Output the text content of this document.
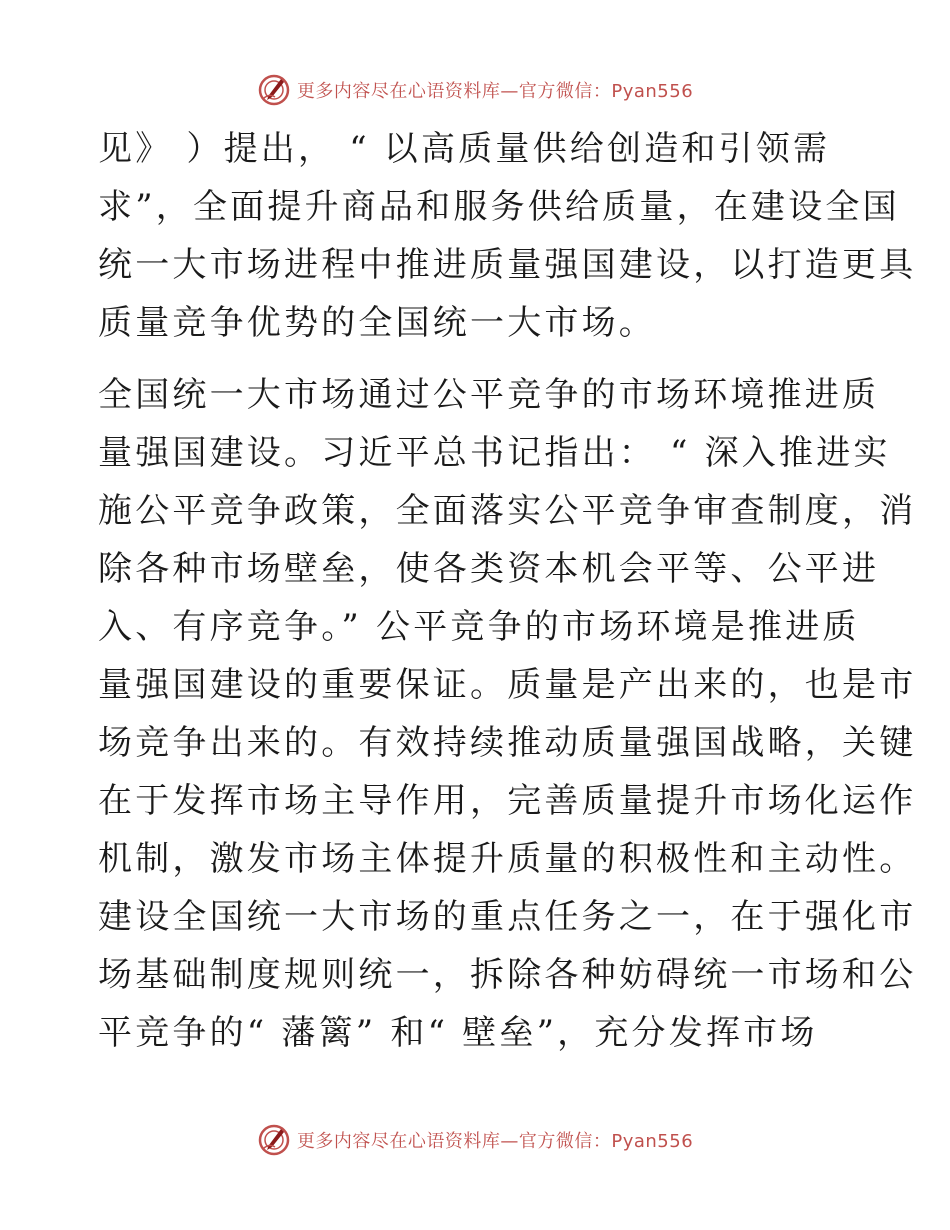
更多内容尽在心语资料库—官方微信：Pyan556
见》 ）提出， “ 以高质量供给创造和引领需
求”，全面提升商品和服务供给质量，在建设全国
统一大市场进程中推进质量强国建设，以打造更具
质量竞争优势的全国统一大市场。
全国统一大市场通过公平竞争的市场环境推进质
量强国建设。习近平总书记指出： “ 深入推进实
施公平竞争政策，全面落实公平竞争审查制度，消
除各种市场壁垒，使各类资本机会平等、公平进
入、有序竞争。” 公平竞争的市场环境是推进质
量强国建设的重要保证。质量是产出来的，也是市
场竞争出来的。有效持续推动质量强国战略，关键
在于发挥市场主导作用，完善质量提升市场化运作
机制，激发市场主体提升质量的积极性和主动性。
建设全国统一大市场的重点任务之一，在于强化市
场基础制度规则统一，拆除各种妨碍统一市场和公
平竞争的“ 藩篱” 和“ 壁垒”，充分发挥市场
更多内容尽在心语资料库—官方微信：Pyan556
